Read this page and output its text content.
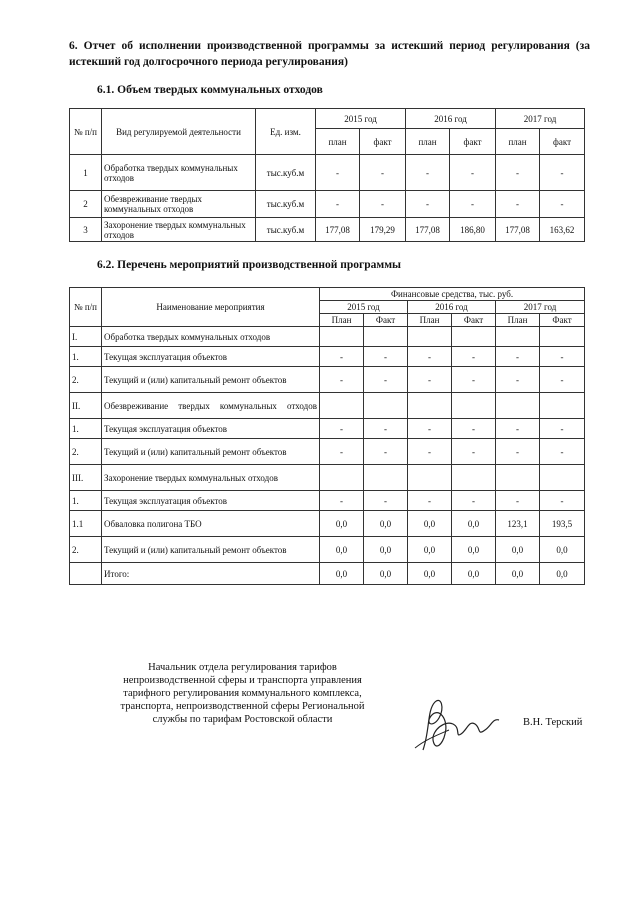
6. Отчет об исполнении производственной программы за истекший период регулирования (за истекший год долгосрочного периода регулирования)
6.1. Объем твердых коммунальных отходов
№ п/п	Вид регулируемой деятельности	Ед. изм.	2015 год		2016 год		2017 год	
			план	факт	план	факт	план	факт
1	Обработка твердых коммунальных отходов	тыс.куб.м	-	-	-	-	-	-
2	Обезвреживание твердых коммунальных отходов	тыс.куб.м	-	-	-	-	-	-
3	Захоронение твердых коммунальных отходов	тыс.куб.м	177,08	179,29	177,08	186,80	177,08	163,62
6.2. Перечень мероприятий производственной программы
№ п/п	Наименование мероприятия	Финансовые средства, тыс. руб.					
		2015 год		2016 год		2017 год	
		План	Факт	План	Факт	План	Факт
I.	Обработка твердых коммунальных отходов						
1.	Текущая эксплуатация объектов	-	-	-	-	-	-
2.	Текущий и (или) капитальный ремонт объектов	-	-	-	-	-	-
II.	Обезвреживание твердых коммунальных отходов						
1.	Текущая эксплуатация объектов	-	-	-	-	-	-
2.	Текущий и (или) капитальный ремонт объектов	-	-	-	-	-	-
III.	Захоронение твердых коммунальных отходов						
1.	Текущая эксплуатация объектов	-	-	-	-	-	-
1.1	Обваловка полигона ТБО	0,0	0,0	0,0	0,0	123,1	193,5
2.	Текущий и (или) капитальный ремонт объектов	0,0	0,0	0,0	0,0	0,0	0,0
	Итого:	0,0	0,0	0,0	0,0	0,0	0,0
Начальник отдела регулирования тарифов
непроизводственной сферы и транспорта управления
тарифного регулирования коммунального комплекса,
транспорта, непроизводственной сферы Региональной
службы по тарифам Ростовской области	В.Н. Терский
